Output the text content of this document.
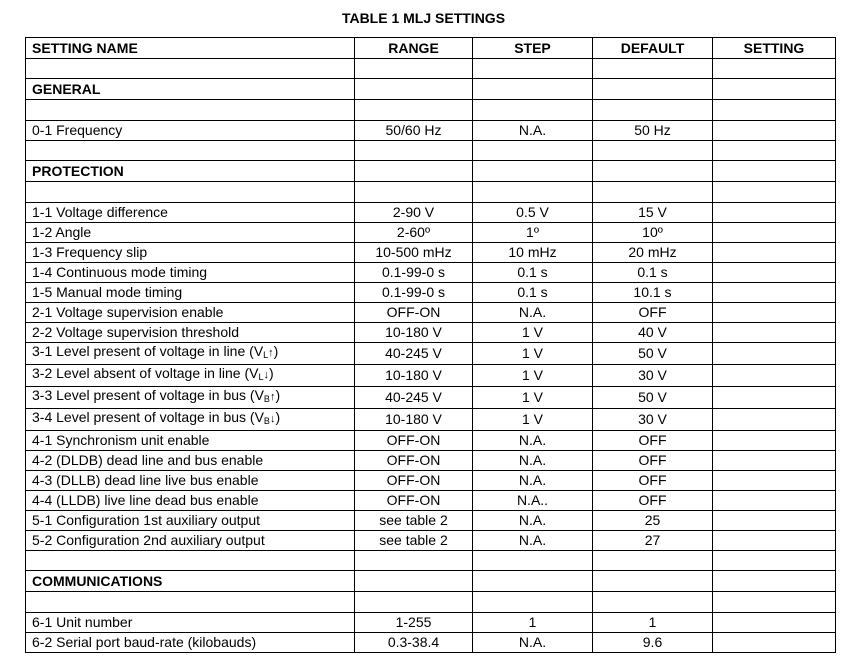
TABLE 1 MLJ SETTINGS
SETTING NAME	RANGE	STEP	DEFAULT	SETTING

GENERAL				

0-1 Frequency	50/60 Hz	N.A.	50 Hz	

PROTECTION				

1-1 Voltage difference	2-90 V	0.5 V	15 V	
1-2 Angle	2-60º	1º	10º	
1-3 Frequency slip	10-500 mHz	10 mHz	20 mHz	
1-4 Continuous mode timing	0.1-99-0 s	0.1 s	0.1 s	
1-5 Manual mode timing	0.1-99-0 s	0.1 s	10.1 s	
2-1 Voltage supervision enable	OFF-ON	N.A.	OFF	
2-2 Voltage supervision threshold	10-180 V	1 V	40 V	
3-1 Level present of voltage in line $(V_L↑)$	40-245 V	1 V	50 V	
3-2 Level absent of voltage in line $(V_L↓)$	10-180 V	1 V	30 V	
3-3 Level present of voltage in bus $(V_B↑)$	40-245 V	1 V	50 V	
3-4 Level present of voltage in bus $(V_B↓)$	10-180 V	1 V	30 V	
4-1 Synchronism unit enable	OFF-ON	N.A.	OFF	
4-2 (DLDB) dead line and bus enable	OFF-ON	N.A.	OFF	
4-3 (DLLB) dead line live bus enable	OFF-ON	N.A.	OFF	
4-4 (LLDB) live line dead bus enable	OFF-ON	N.A..	OFF	
5-1 Configuration 1st auxiliary output	see table 2	N.A.	25	
5-2 Configuration 2nd auxiliary output	see table 2	N.A.	27	

COMMUNICATIONS				

6-1 Unit number	1-255	1	1	
6-2 Serial port baud-rate (kilobauds)	0.3-38.4	N.A.	9.6	
